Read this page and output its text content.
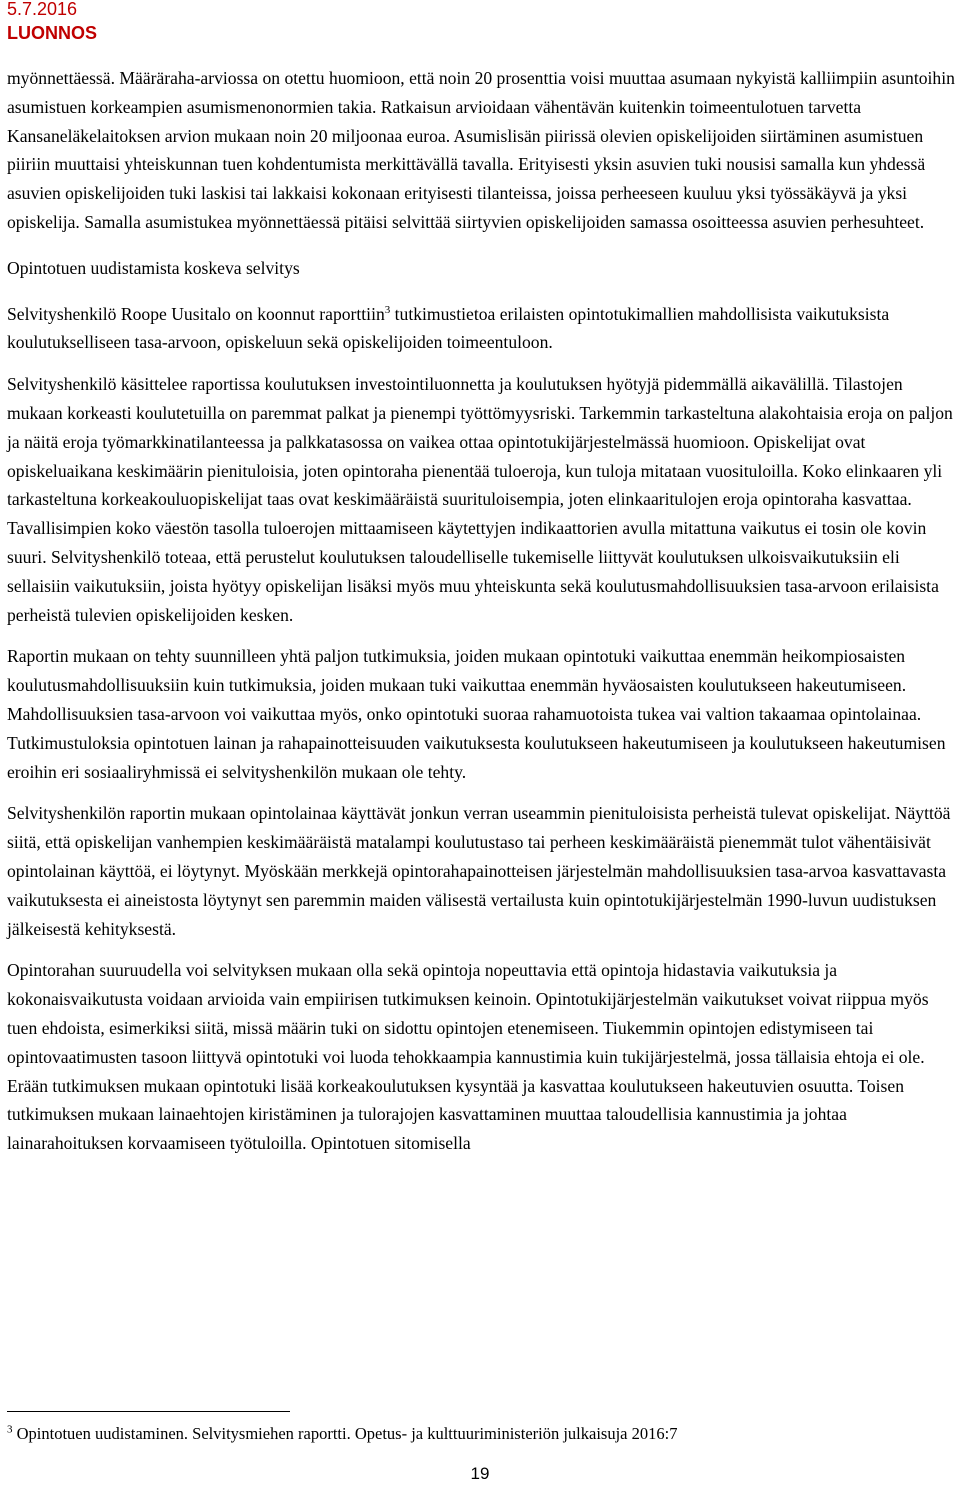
5.7.2016
LUONNOS

myönnettäessä. Määräraha-arviossa on otettu huomioon, että noin 20 prosenttia voisi muuttaa asumaan nykyistä kalliimpiin asuntoihin asumistuen korkeampien asumismenonormien takia. Ratkaisun arvioidaan vähentävän kuitenkin toimeentulotuen tarvetta Kansaneläkelaitoksen arvion mukaan noin 20 miljoonaa euroa. Asumislisän piirissä olevien opiskelijoiden siirtäminen asumistuen piiriin muuttaisi yhteiskunnan tuen kohdentumista merkittävällä tavalla. Erityisesti yksin asuvien tuki nousisi samalla kun yhdessä asuvien opiskelijoiden tuki laskisi tai lakkaisi kokonaan erityisesti tilanteissa, joissa perheeseen kuuluu yksi työssäkäyvä ja yksi opiskelija. Samalla asumistukea myönnettäessä pitäisi selvittää siirtyvien opiskelijoiden samassa osoitteessa asuvien perhesuhteet.

Opintotuen uudistamista koskeva selvitys

Selvityshenkilö Roope Uusitalo on koonnut raporttiin$^3$ tutkimustietoa erilaisten opintotukimallien mahdollisista vaikutuksista koulutukselliseen tasa-arvoon, opiskeluun sekä opiskelijoiden toimeentuloon.

Selvityshenkilö käsittelee raportissa koulutuksen investointiluonnetta ja koulutuksen hyötyjä pidemmällä aikavälillä. Tilastojen mukaan korkeasti koulutetuilla on paremmat palkat ja pienempi työttömyysriski. Tarkemmin tarkasteltuna alakohtaisia eroja on paljon ja näitä eroja työmarkkinatilanteessa ja palkkatasossa on vaikea ottaa opintotukijärjestelmässä huomioon. Opiskelijat ovat opiskeluaikana keskimäärin pienituloisia, joten opintoraha pienentää tuloeroja, kun tuloja mitataan vuosituloilla. Koko elinkaaren yli tarkasteltuna korkeakouluopiskelijat taas ovat keskimääräistä suurituloisempia, joten elinkaaritulojen eroja opintoraha kasvattaa. Tavallisimpien koko väestön tasolla tuloerojen mittaamiseen käytettyjen indikaattorien avulla mitattuna vaikutus ei tosin ole kovin suuri. Selvityshenkilö toteaa, että perustelut koulutuksen taloudelliselle tukemiselle liittyvät koulutuksen ulkoisvaikutuksiin eli sellaisiin vaikutuksiin, joista hyötyy opiskelijan lisäksi myös muu yhteiskunta sekä koulutusmahdollisuuksien tasa-arvoon erilaisista perheistä tulevien opiskelijoiden kesken.

Raportin mukaan on tehty suunnilleen yhtä paljon tutkimuksia, joiden mukaan opintotuki vaikuttaa enemmän heikompiosaisten koulutusmahdollisuuksiin kuin tutkimuksia, joiden mukaan tuki vaikuttaa enemmän hyväosaisten koulutukseen hakeutumiseen. Mahdollisuuksien tasa-arvoon voi vaikuttaa myös, onko opintotuki suoraa rahamuotoista tukea vai valtion takaamaa opintolainaa. Tutkimustuloksia opintotuen lainan ja rahapainotteisuuden vaikutuksesta koulutukseen hakeutumiseen ja koulutukseen hakeutumisen eroihin eri sosiaaliryhmissä ei selvityshenkilön mukaan ole tehty.

Selvityshenkilön raportin mukaan opintolainaa käyttävät jonkun verran useammin pienituloisista perheistä tulevat opiskelijat. Näyttöä siitä, että opiskelijan vanhempien keskimääräistä matalampi koulutustaso tai perheen keskimääräistä pienemmät tulot vähentäisivät opintolainan käyttöä, ei löytynyt. Myöskään merkkejä opintorahapainotteisen järjestelmän mahdollisuuksien tasa-arvoa kasvattavasta vaikutuksesta ei aineistosta löytynyt sen paremmin maiden välisestä vertailusta kuin opintotukijärjestelmän 1990-luvun uudistuksen jälkeisestä kehityksestä.

Opintorahan suuruudella voi selvityksen mukaan olla sekä opintoja nopeuttavia että opintoja hidastavia vaikutuksia ja kokonaisvaikutusta voidaan arvioida vain empiirisen tutkimuksen keinoin. Opintotukijärjestelmän vaikutukset voivat riippua myös tuen ehdoista, esimerkiksi siitä, missä määrin tuki on sidottu opintojen etenemiseen. Tiukemmin opintojen edistymiseen tai opintovaatimusten tasoon liittyvä opintotuki voi luoda tehokkaampia kannustimia kuin tukijärjestelmä, jossa tällaisia ehtoja ei ole. Erään tutkimuksen mukaan opintotuki lisää korkeakoulutuksen kysyntää ja kasvattaa koulutukseen hakeutuvien osuutta. Toisen tutkimuksen mukaan lainaehtojen kiristäminen ja tulorajojen kasvattaminen muuttaa taloudellisia kannustimia ja johtaa lainarahoituksen korvaamiseen työtuloilla. Opintotuen sitomisella

$^3$ Opintotuen uudistaminen. Selvitysmiehen raportti. Opetus- ja kulttuuriministeriön julkaisuja 2016:7
19
